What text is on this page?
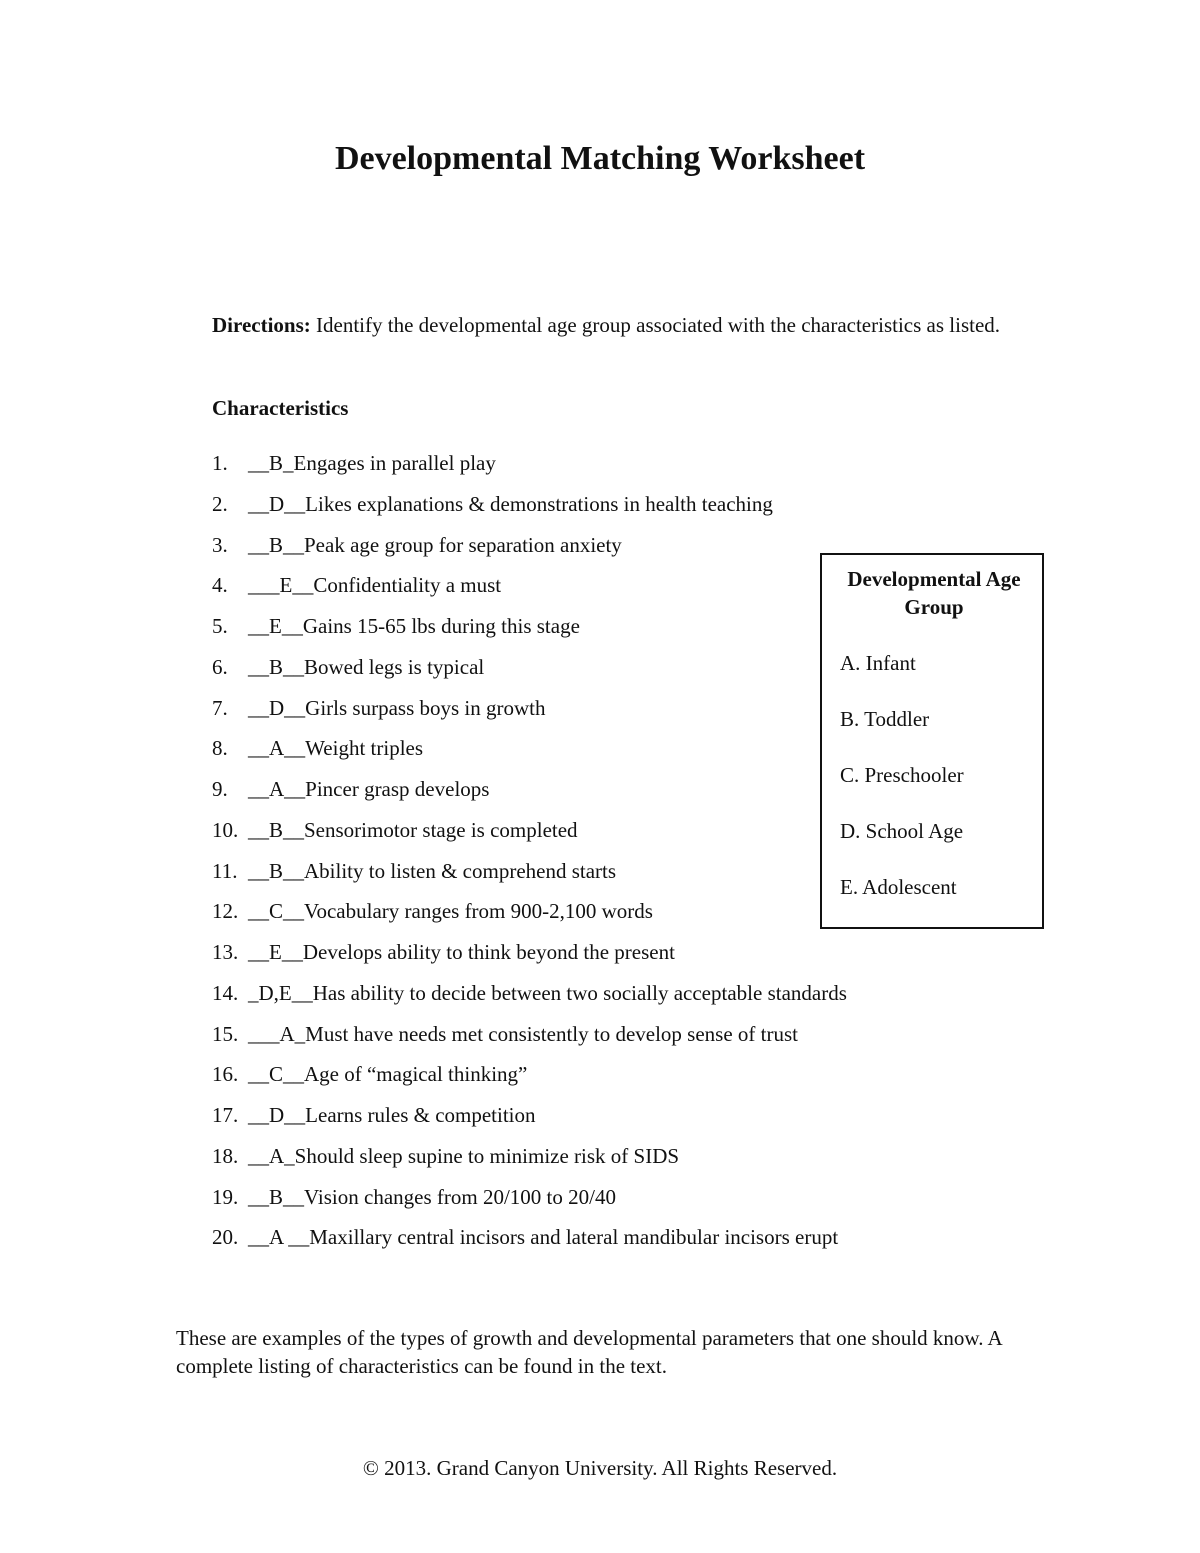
Developmental Matching Worksheet

Directions: Identify the developmental age group associated with the characteristics as listed.

Characteristics
1. __B_Engages in parallel play
2. __D__Likes explanations & demonstrations in health teaching
3. __B__Peak age group for separation anxiety
4. ___E__Confidentiality a must
5. __E__Gains 15-65 lbs during this stage
6. __B__Bowed legs is typical
7. __D__Girls surpass boys in growth
8. __A__Weight triples
9. __A__Pincer grasp develops
10. __B__Sensorimotor stage is completed
11. __B__Ability to listen & comprehend starts
12. __C__Vocabulary ranges from 900-2,100 words
13. __E__Develops ability to think beyond the present
14. _D,E__Has ability to decide between two socially acceptable standards
15. ___A_Must have needs met consistently to develop sense of trust
16. __C__Age of “magical thinking”
17. __D__Learns rules & competition
18. __A_Should sleep supine to minimize risk of SIDS
19. __B__Vision changes from 20/100 to 20/40
20. __A __Maxillary central incisors and lateral mandibular incisors erupt

Developmental Age Group

A. Infant

B. Toddler

C. Preschooler

D. School Age

E. Adolescent

These are examples of the types of growth and developmental parameters that one should know. A complete listing of characteristics can be found in the text.

© 2013. Grand Canyon University. All Rights Reserved.
